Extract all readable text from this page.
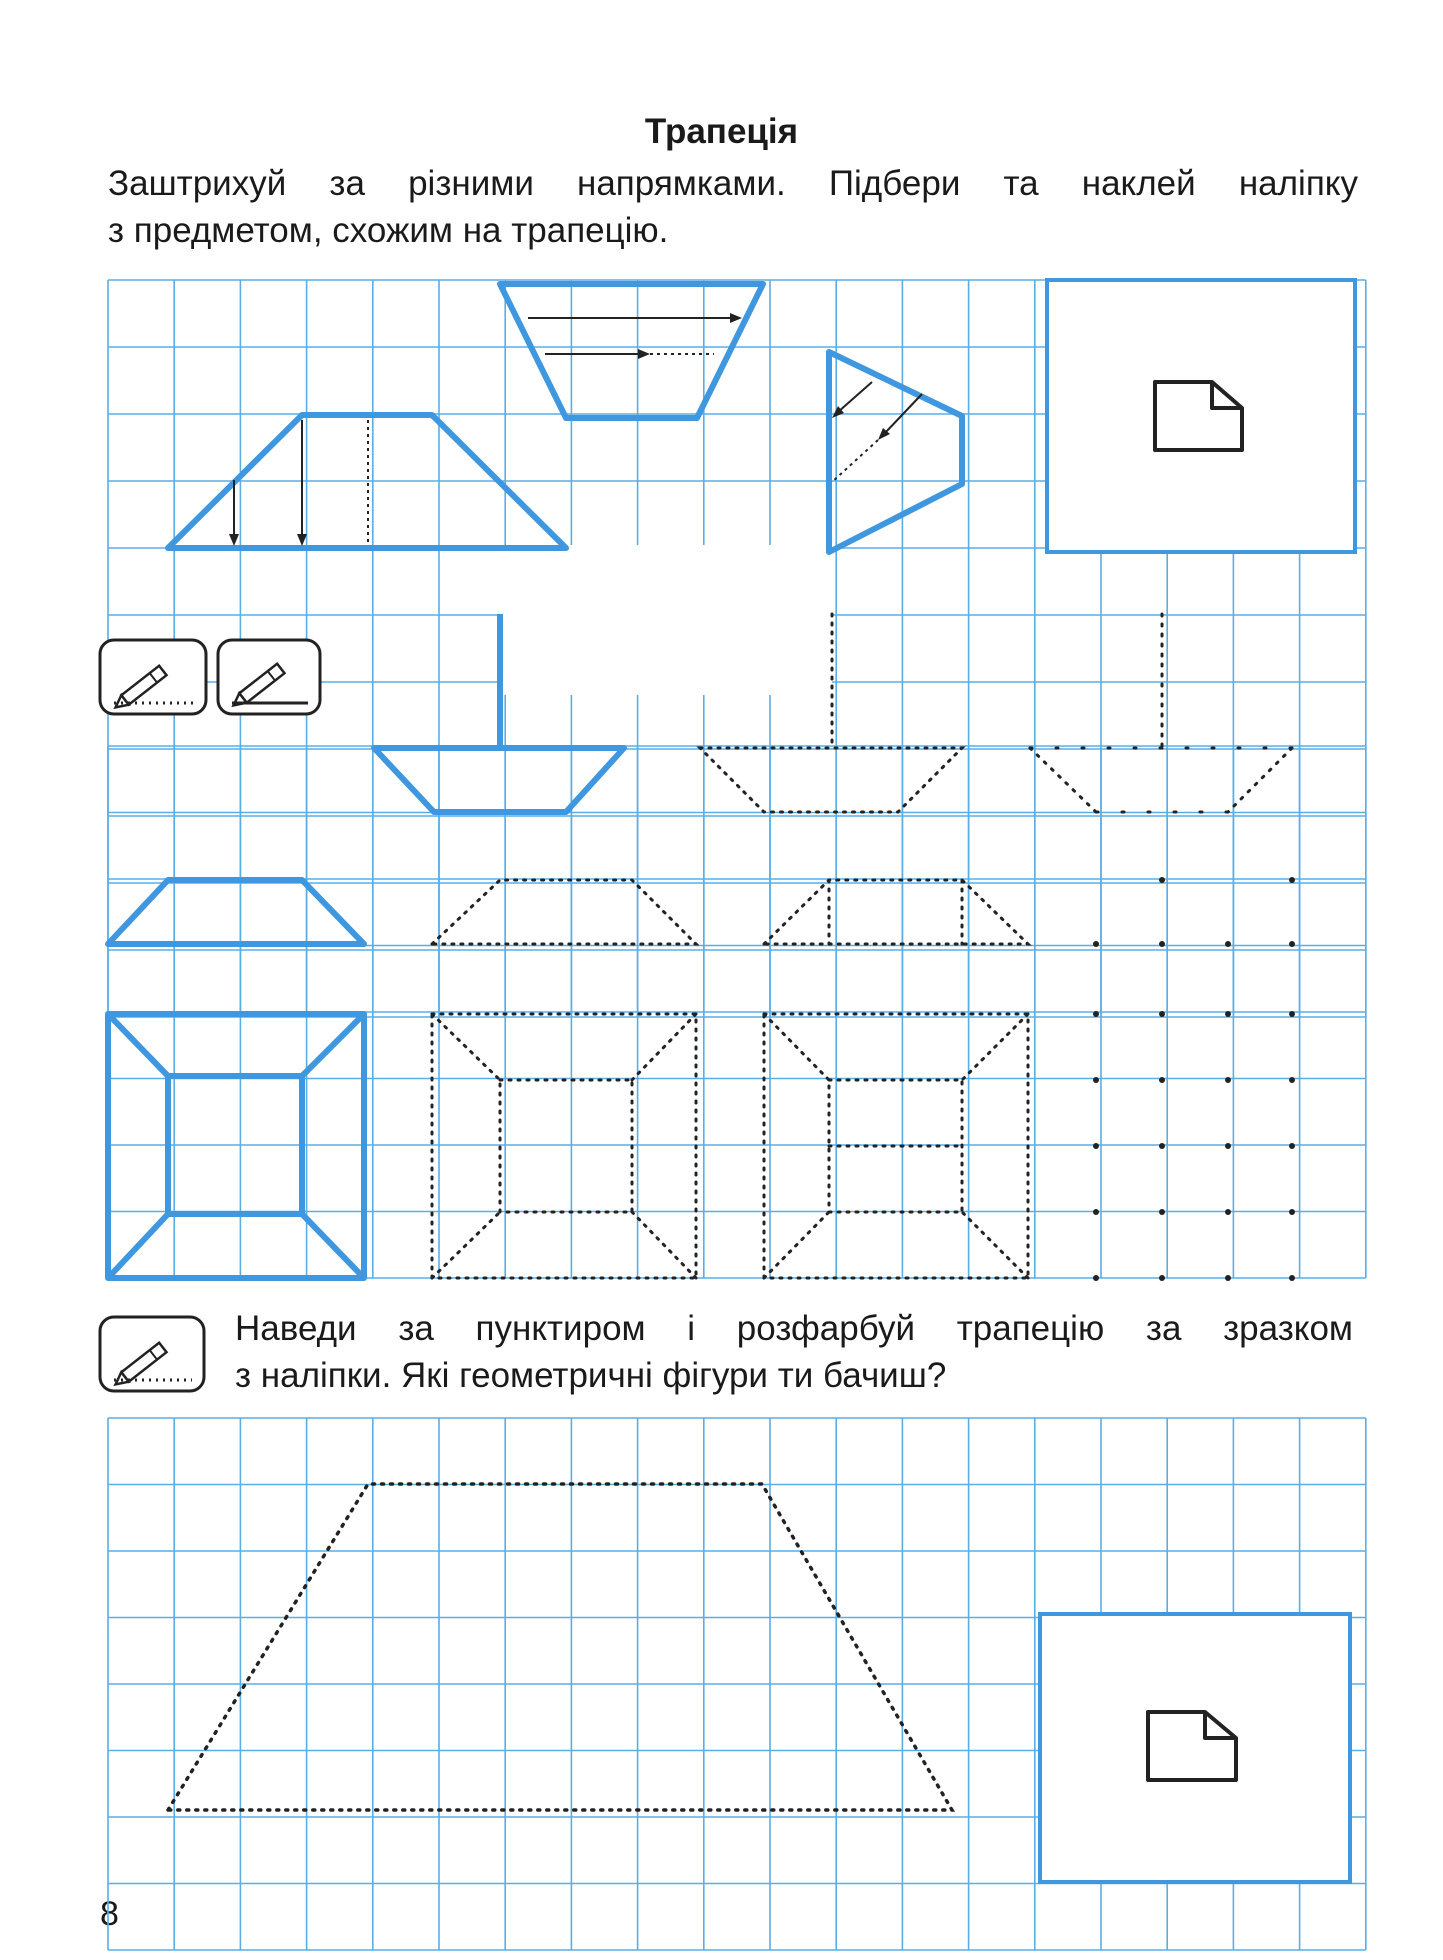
Трапеція

Заштрихуй за різними напрямками. Підбери та наклей наліпку
з предметом, схожим на трапецію.

Наведи за пунктиром і розфарбуй трапецію за зразком
з наліпки. Які геометричні фігури ти бачиш?

8
